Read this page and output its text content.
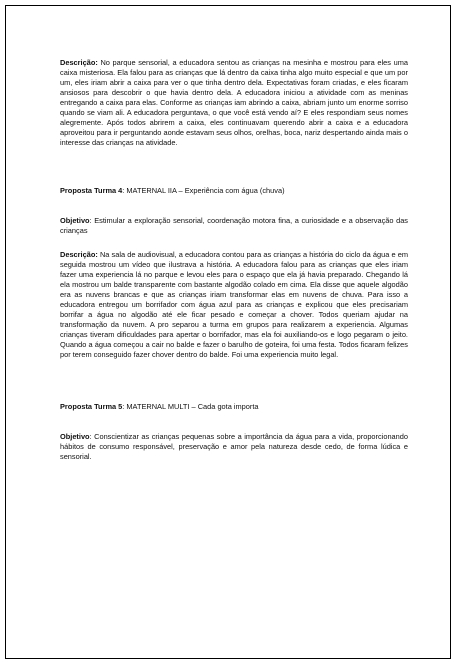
Descrição: No parque sensorial, a educadora sentou as crianças na mesinha e mostrou para eles uma caixa misteriosa. Ela falou para as crianças que lá dentro da caixa tinha algo muito especial e que um por um, eles iriam abrir a caixa para ver o que tinha dentro dela. Expectativas foram criadas, e eles ficaram ansiosos para descobrir o que havia dentro dela. A educadora iniciou a atividade com as meninas entregando a caixa para elas. Conforme as crianças iam abrindo a caixa, abriam junto um enorme sorriso quando se viam ali. A educadora perguntava, o que você está vendo aí? E eles respondiam seus nomes alegremente. Após todos abrirem a caixa, eles continuavam querendo abrir a caixa e a educadora aproveitou para ir perguntando aonde estavam seus olhos, orelhas, boca, nariz despertando ainda mais o interesse das crianças na atividade.

Proposta Turma 4: MATERNAL IIA – Experiência com água (chuva)

Objetivo: Estimular a exploração sensorial, coordenação motora fina, a curiosidade e a observação das crianças

Descrição: Na sala de audiovisual, a educadora contou para as crianças a história do ciclo da água e em seguida mostrou um vídeo que ilustrava a história. A educadora falou para as crianças que eles iriam fazer uma experiencia lá no parque e levou eles para o espaço que ela já havia preparado. Chegando lá ela mostrou um balde transparente com bastante algodão colado em cima. Ela disse que aquele algodão era as nuvens brancas e que as crianças iriam transformar elas em nuvens de chuva. Para isso a educadora entregou um borrifador com água azul para as crianças e explicou que eles precisariam borrifar a água no algodão até ele ficar pesado e começar a chover. Todos queriam ajudar na transformação da nuvem. A pro separou a turma em grupos para realizarem a experiencia. Algumas crianças tiveram dificuldades para apertar o borrifador, mas ela foi auxiliando-os e logo pegaram o jeito. Quando a água começou a cair no balde e fazer o barulho de goteira, foi uma festa. Todos ficaram felizes por terem conseguido fazer chover dentro do balde. Foi uma experiencia muito legal.

Proposta Turma 5: MATERNAL MULTI – Cada gota importa

Objetivo: Conscientizar as crianças pequenas sobre a importância da água para a vida, proporcionando hábitos de consumo responsável, preservação e amor pela natureza desde cedo, de forma lúdica e sensorial.
